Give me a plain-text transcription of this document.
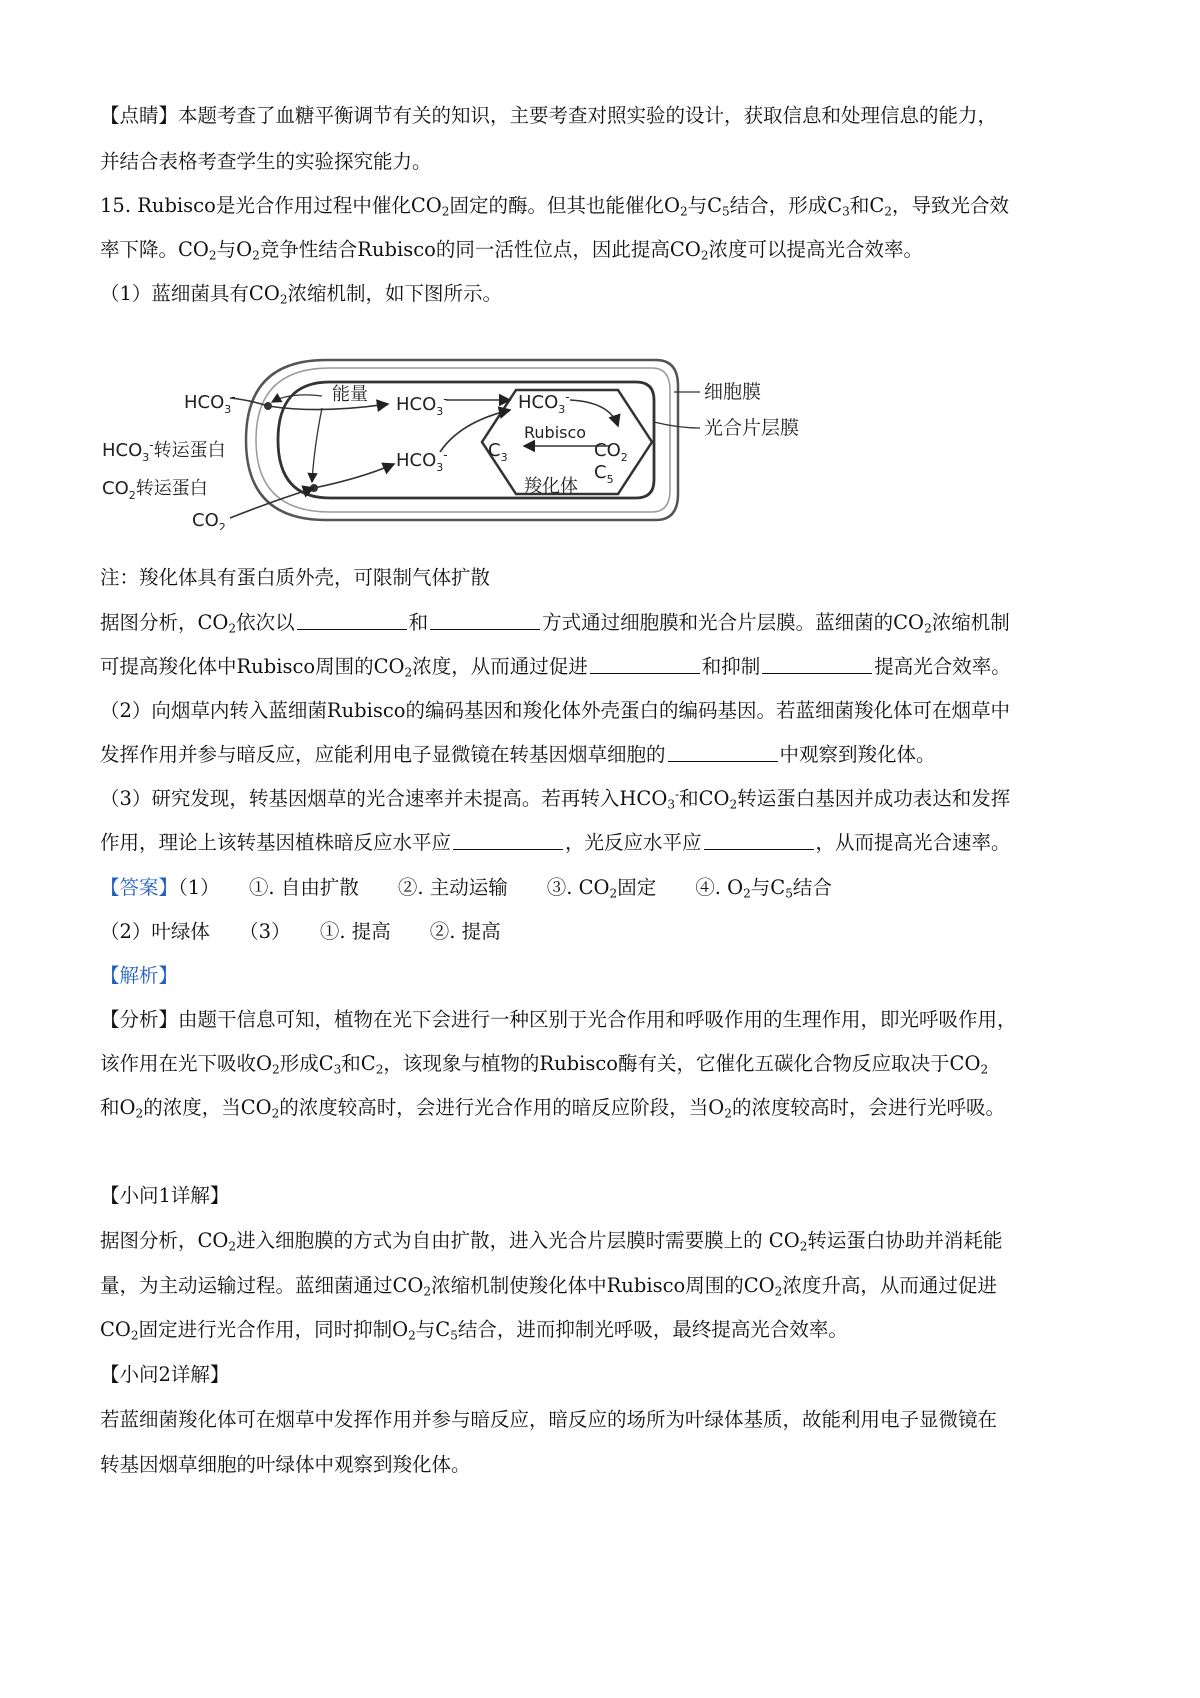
【点睛】本题考查了血糖平衡调节有关的知识，主要考查对照实验的设计，获取信息和处理信息的能力，
并结合表格考查学生的实验探究能力。
15. Rubisco是光合作用过程中催化$CO_2$固定的酶。但其也能催化$O_2$与$C_5$结合，形成$C_3$和$C_2$，导致光合效
率下降。$CO_2$与$O_2$竞争性结合Rubisco的同一活性位点，因此提高$CO_2$浓度可以提高光合效率。
（1）蓝细菌具有$CO_2$浓缩机制，如下图所示。
$HCO_3^-$
$HCO_3^-$转运蛋白
$CO_2$转运蛋白
$CO_2$
能量 $HCO_3^-$
$HCO_3^-$
$HCO_3^-$
Rubisco
$C_3$	$CO_2$
$C_5$
羧化体
细胞膜
光合片层膜
注：羧化体具有蛋白质外壳，可限制气体扩散
据图分析，$CO_2$依次以	和	方式通过细胞膜和光合片层膜。蓝细菌的$CO_2$浓缩机制
可提高羧化体中Rubisco周围的$CO_2$浓度，从而通过促进	和抑制	提高光合效率。
（2）向烟草内转入蓝细菌Rubisco的编码基因和羧化体外壳蛋白的编码基因。若蓝细菌羧化体可在烟草中
发挥作用并参与暗反应，应能利用电子显微镜在转基因烟草细胞的	中观察到羧化体。
（3）研究发现，转基因烟草的光合速率并未提高。若再转入$HCO_3^-$和$CO_2$转运蛋白基因并成功表达和发挥
作用，理论上该转基因植株暗反应水平应	，光反应水平应	，从而提高光合速率。
【答案】（1）　　①. 自由扩散　　②. 主动运输　　③. $CO_2$固定　　④. $O_2$与$C_5$结合
（2）叶绿体　　（3）　　①. 提高　　②. 提高
【解析】
【分析】由题干信息可知，植物在光下会进行一种区别于光合作用和呼吸作用的生理作用，即光呼吸作用，
该作用在光下吸收$O_2$形成$C_3$和$C_2$，该现象与植物的Rubisco酶有关，它催化五碳化合物反应取决于$CO_2$
和$O_2$的浓度，当$CO_2$的浓度较高时，会进行光合作用的暗反应阶段，当$O_2$的浓度较高时，会进行光呼吸。
【小问1详解】
据图分析，$CO_2$进入细胞膜的方式为自由扩散，进入光合片层膜时需要膜上的 $CO_2$转运蛋白协助并消耗能
量，为主动运输过程。蓝细菌通过$CO_2$浓缩机制使羧化体中Rubisco周围的$CO_2$浓度升高，从而通过促进
$CO_2$固定进行光合作用，同时抑制$O_2$与$C_5$结合，进而抑制光呼吸，最终提高光合效率。
【小问2详解】
若蓝细菌羧化体可在烟草中发挥作用并参与暗反应，暗反应的场所为叶绿体基质，故能利用电子显微镜在
转基因烟草细胞的叶绿体中观察到羧化体。
